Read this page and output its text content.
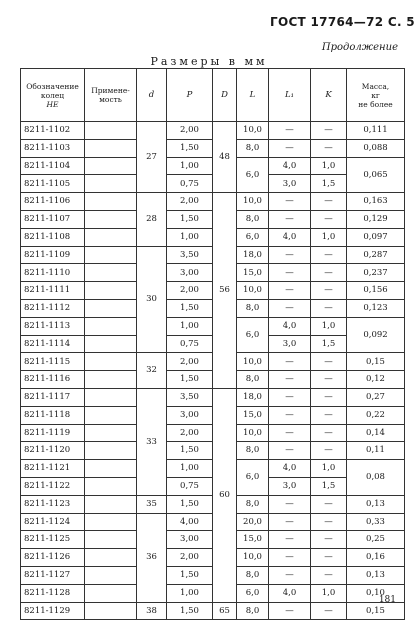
ГОСТ 17764—72 С. 5
Продолжение
Размеры в мм
Обозначение
колец
НЕ	Примене-
мость	d	P	D	L	L₁	K	Масса,
кг
не более
8211-1102		27	2,00	48	10,0	—	—	0,111
8211-1103			1,50		8,0	—	—	0,088
8211-1104			1,00		6,0	4,0	1,0	0,065
8211-1105			0,75			3,0	1,5	
8211-1106		28	2,00	56	10,0	—	—	0,163
8211-1107			1,50		8,0	—	—	0,129
8211-1108			1,00		6,0	4,0	1,0	0,097
8211-1109		30	3,50		18,0	—	—	0,287
8211-1110			3,00		15,0	—	—	0,237
8211-1111			2,00		10,0	—	—	0,156
8211-1112			1,50		8,0	—	—	0,123
8211-1113			1,00		6,0	4,0	1,0	0,092
8211-1114			0,75			3,0	1,5	
8211-1115		32	2,00		10,0	—	—	0,15
8211-1116			1,50		8,0	—	—	0,12
8211-1117		33	3,50	60	18,0	—	—	0,27
8211-1118			3,00		15,0	—	—	0,22
8211-1119			2,00		10,0	—	—	0,14
8211-1120			1,50		8,0	—	—	0,11
8211-1121			1,00		6,0	4,0	1,0	0,08
8211-1122			0,75			3,0	1,5	
8211-1123		35	1,50		8,0	—	—	0,13
8211-1124		36	4,00		20,0	—	—	0,33
8211-1125			3,00		15,0	—	—	0,25
8211-1126			2,00		10,0	—	—	0,16
8211-1127			1,50		8,0	—	—	0,13
8211-1128			1,00		6,0	4,0	1,0	0,10
8211-1129		38	1,50	65	8,0	—	—	0,15
181
